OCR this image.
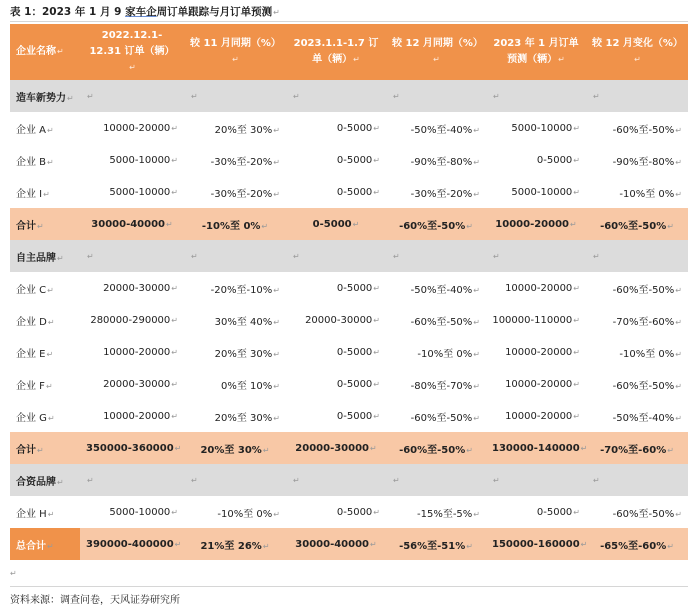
表 1：2023 年 1 月 9 家车企周订单跟踪与月订单预测↵
企业名称↵	2022.12.1-12.31 订单（辆）↵	较 11 月同期（%）↵	2023.1.1-1.7 订单（辆）↵	较 12 月同期（%）↵	2023 年 1 月订单预测（辆）↵	较 12 月变化（%）↵
造车新势力↵	↵	↵	↵	↵	↵	↵
企业 A↵	10000-20000↵	20%至 30%↵	0-5000↵	-50%至-40%↵	5000-10000↵	-60%至-50%↵
企业 B↵	5000-10000↵	-30%至-20%↵	0-5000↵	-90%至-80%↵	0-5000↵	-90%至-80%↵
企业 I↵	5000-10000↵	-30%至-20%↵	0-5000↵	-30%至-20%↵	5000-10000↵	-10%至 0%↵
合计↵	30000-40000↵	-10%至 0%↵	0-5000↵	-60%至-50%↵	10000-20000↵	-60%至-50%↵
自主品牌↵	↵	↵	↵	↵	↵	↵
企业 C↵	20000-30000↵	-20%至-10%↵	0-5000↵	-50%至-40%↵	10000-20000↵	-60%至-50%↵
企业 D↵	280000-290000↵	30%至 40%↵	20000-30000↵	-60%至-50%↵	100000-110000↵	-70%至-60%↵
企业 E↵	10000-20000↵	20%至 30%↵	0-5000↵	-10%至 0%↵	10000-20000↵	-10%至 0%↵
企业 F↵	20000-30000↵	0%至 10%↵	0-5000↵	-80%至-70%↵	10000-20000↵	-60%至-50%↵
企业 G↵	10000-20000↵	20%至 30%↵	0-5000↵	-60%至-50%↵	10000-20000↵	-50%至-40%↵
合计↵	350000-360000↵	20%至 30%↵	20000-30000↵	-60%至-50%↵	130000-140000↵	-70%至-60%↵
合资品牌↵	↵	↵	↵	↵	↵	↵
企业 H↵	5000-10000↵	-10%至 0%↵	0-5000↵	-15%至-5%↵	0-5000↵	-60%至-50%↵
总合计↵	390000-400000↵	21%至 26%↵	30000-40000↵	-56%至-51%↵	150000-160000↵	-65%至-60%↵
↵
资料来源：调查问卷，天风证券研究所
